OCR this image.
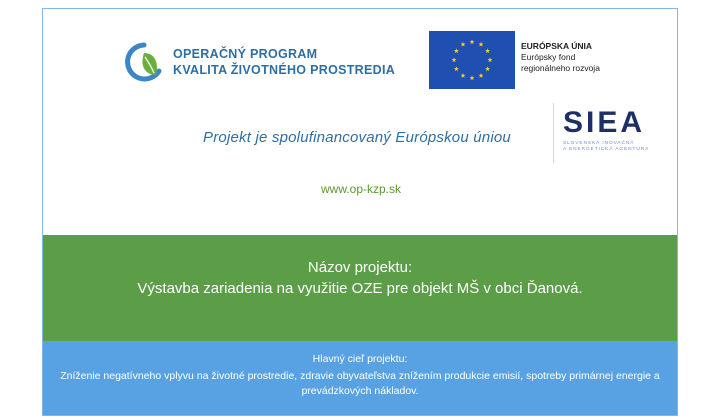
OPERAČNÝ PROGRAM
KVALITA ŽIVOTNÉHO PROSTREDIA
EURÓPSKA ÚNIA
Európsky fond
regionálneho rozvoja
Projekt je spolufinancovaný Európskou úniou SIEA
SLOVENSKÁ INOVAČNÁ
A ENERGETICKÁ AGENTÚRA
www.op-kzp.sk
Názov projektu:
Výstavba zariadenia na využitie OZE pre objekt MŠ v obci Ďanová.
Hlavný cieľ projektu:
Zníženie negatívneho vplyvu na životné prostredie, zdravie obyvateľstva znížením produkcie emisií, spotreby primárnej energie a prevádzkových nákladov.
